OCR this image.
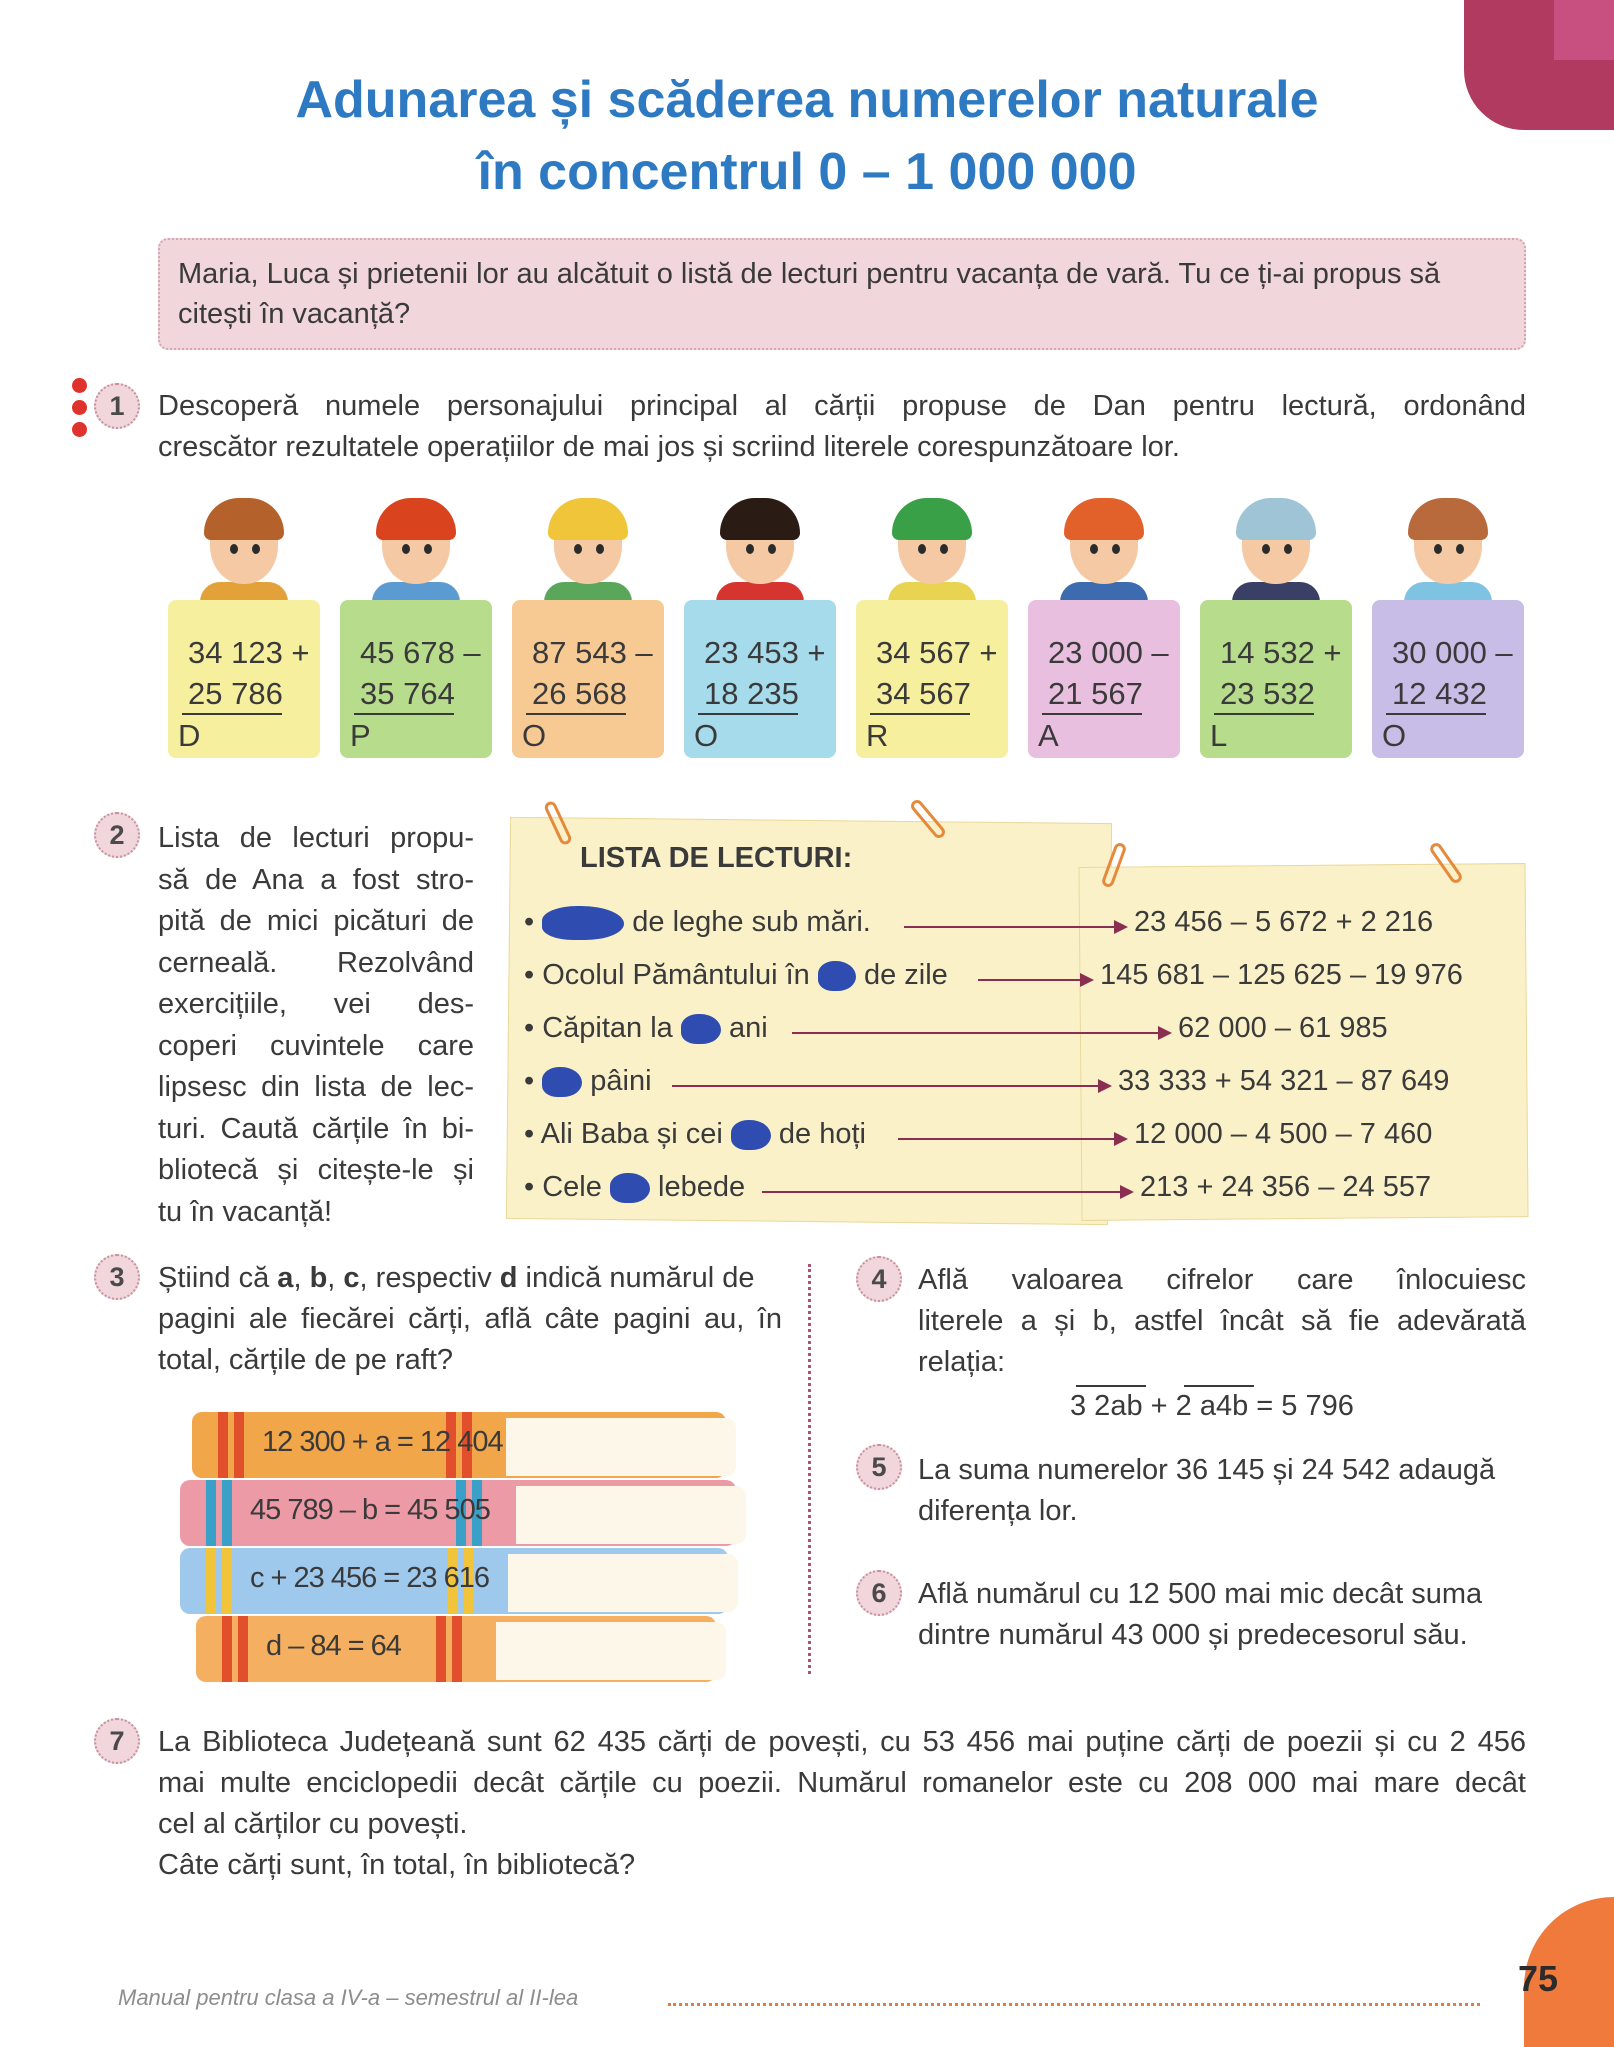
Adunarea și scăderea numerelor naturale
în concentrul 0 – 1 000 000
Maria, Luca și prietenii lor au alcătuit o listă de lecturi pentru vacanța de vară. Tu ce ți-ai propus să citești în vacanță?
1	Descoperă numele personajului principal al cărții propuse de Dan pentru lectură, ordonând
crescător rezultatele operațiilor de mai jos și scriind literele corespunzătoare lor.
34 123 +
25 786
D
45 678 –
35 764
P
87 543 –
26 568
O
23 453 +
18 235
O
34 567 +
34 567
R
23 000 –
21 567
A
14 532 +
23 532
L
30 000 –
12 432
O
2	Lista de lecturi propu-
să de Ana a fost stro-
pită de mici picături de
cerneală. Rezolvând
exercițiile, vei des-
coperi cuvintele care
lipsesc din lista de lec-
turi. Caută cărțile în bi-
bliotecă și citește-le și
tu în vacanță!
LISTA DE LECTURI:
•	de leghe sub mări.	23 456 – 5 672 + 2 216
• Ocolul Pământului în de zile	145 681 – 125 625 – 19 976
• Căpitan la ani	62 000 – 61 985
• pâini	33 333 + 54 321 – 87 649
• Ali Baba și cei de hoți	12 000 – 4 500 – 7 460
• Cele lebede	213 + 24 356 – 24 557
3	Știind că a, b, c, respectiv d indică numărul de
pagini ale fiecărei cărți, află câte pagini au, în
total, cărțile de pe raft?
12 300 + a = 12 404
45 789 – b = 45 505
c + 23 456 = 23 616
d – 84 = 64
4	Află valoarea cifrelor care înlocuiesc
literele a și b, astfel încât să fie adevărată
relația:
3 2ab + 2 a4b = 5 796
5	La suma numerelor 36 145 și 24 542 adaugă
diferența lor.
6	Află numărul cu 12 500 mai mic decât suma
dintre numărul 43 000 și predecesorul său.
7	La Biblioteca Județeană sunt 62 435 cărți de povești, cu 53 456 mai puține cărți de poezii și cu 2 456
mai multe enciclopedii decât cărțile cu poezii. Numărul romanelor este cu 208 000 mai mare decât
cel al cărților cu povești.
Câte cărți sunt, în total, în bibliotecă?
Manual pentru clasa a IV-a – semestrul al II-lea	75
